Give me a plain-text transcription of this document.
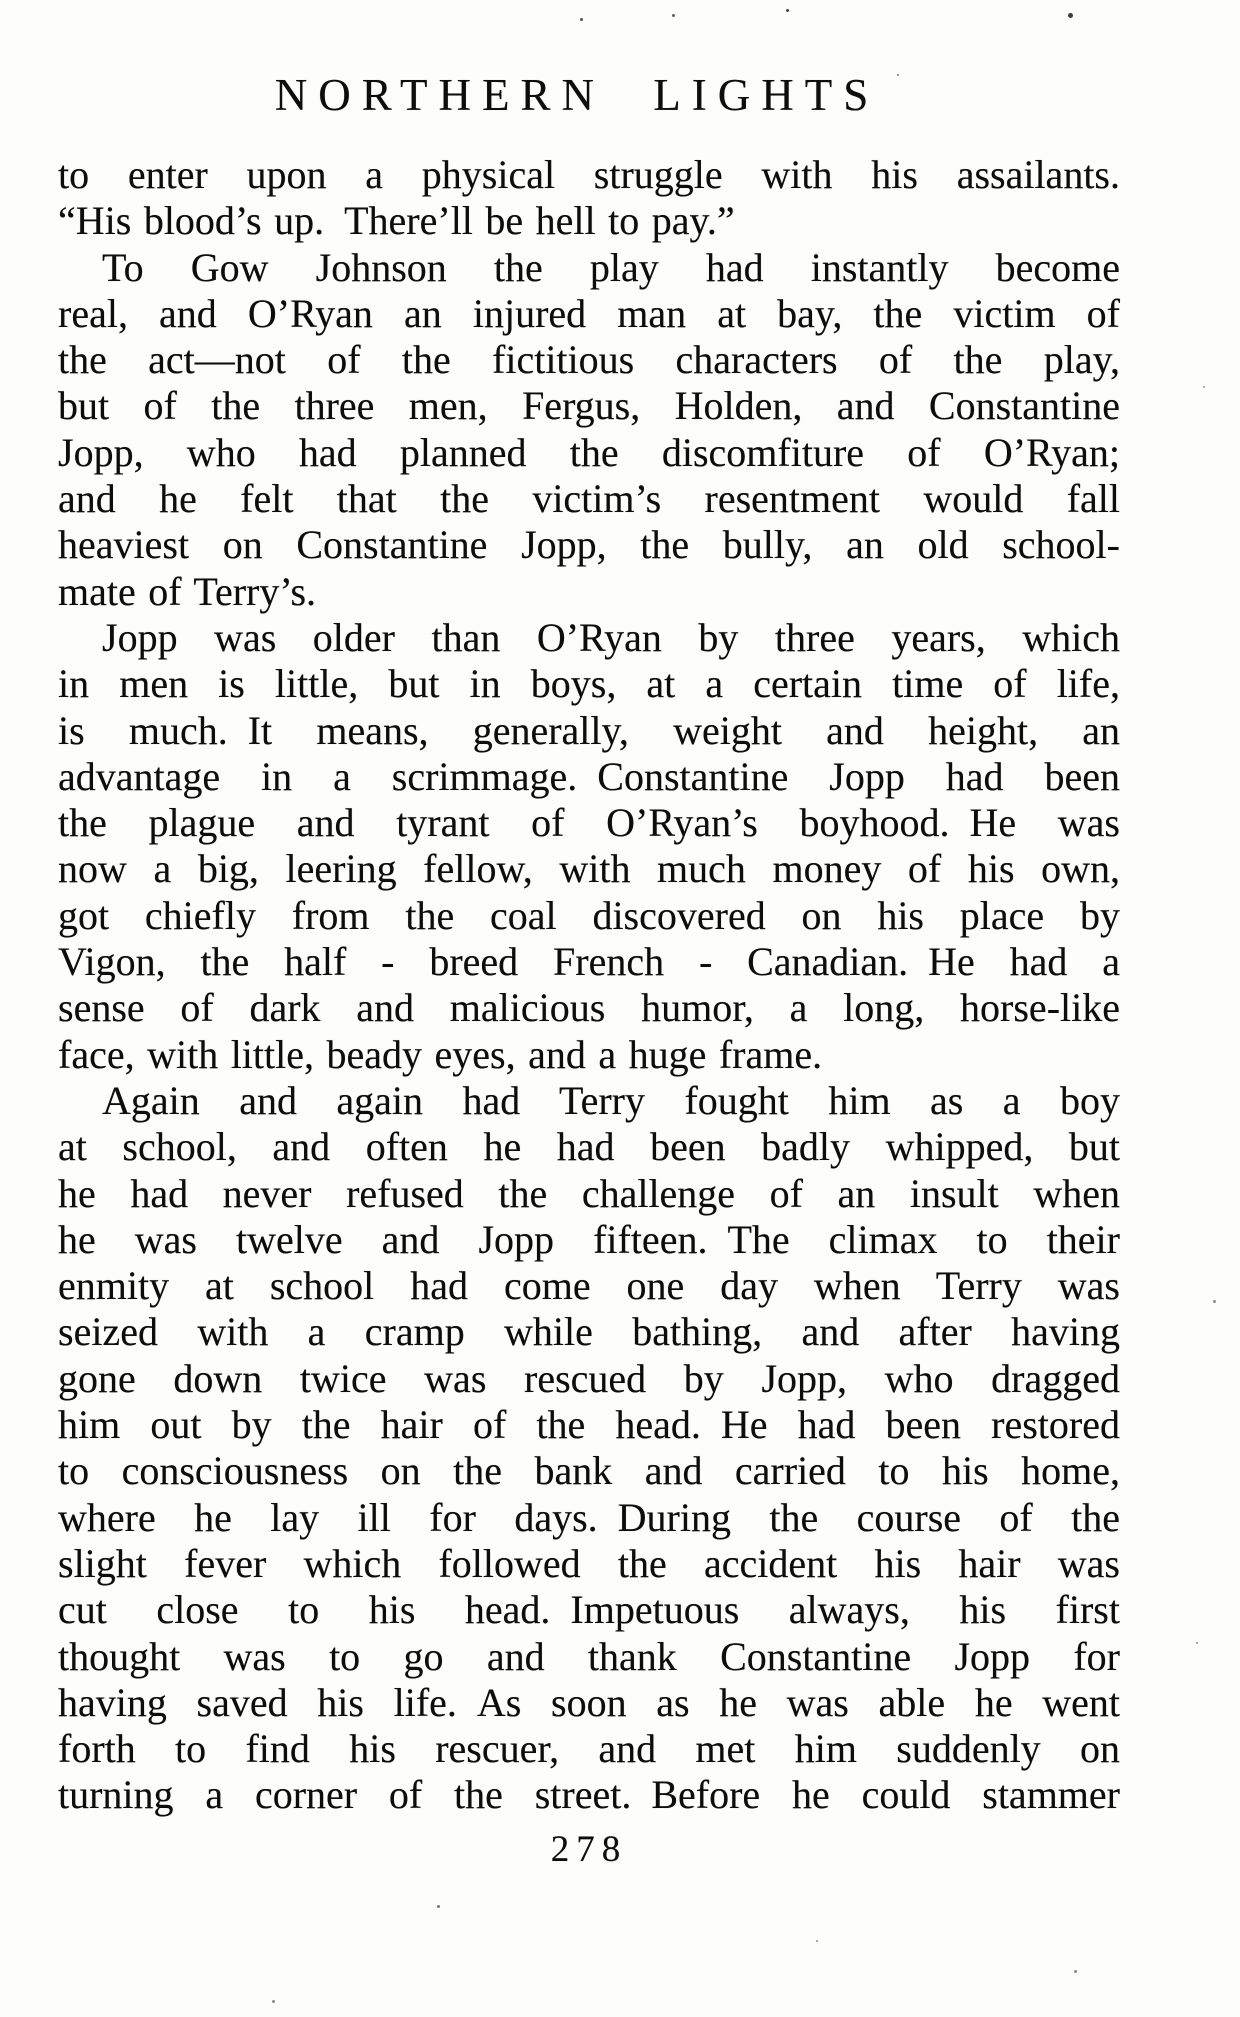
NORTHERN LIGHTS
to enter upon a physical struggle with his assailants.
“His blood’s up. There’ll be hell to pay.”
To Gow Johnson the play had instantly become
real, and O’Ryan an injured man at bay, the victim of
the act—not of the fictitious characters of the play,
but of the three men, Fergus, Holden, and Constantine
Jopp, who had planned the discomfiture of O’Ryan;
and he felt that the victim’s resentment would fall
heaviest on Constantine Jopp, the bully, an old school-
mate of Terry’s.
Jopp was older than O’Ryan by three years, which
in men is little, but in boys, at a certain time of life,
is much. It means, generally, weight and height, an
advantage in a scrimmage. Constantine Jopp had been
the plague and tyrant of O’Ryan’s boyhood. He was
now a big, leering fellow, with much money of his own,
got chiefly from the coal discovered on his place by
Vigon, the half - breed French - Canadian. He had a
sense of dark and malicious humor, a long, horse-like
face, with little, beady eyes, and a huge frame.
Again and again had Terry fought him as a boy
at school, and often he had been badly whipped, but
he had never refused the challenge of an insult when
he was twelve and Jopp fifteen. The climax to their
enmity at school had come one day when Terry was
seized with a cramp while bathing, and after having
gone down twice was rescued by Jopp, who dragged
him out by the hair of the head. He had been restored
to consciousness on the bank and carried to his home,
where he lay ill for days. During the course of the
slight fever which followed the accident his hair was
cut close to his head. Impetuous always, his first
thought was to go and thank Constantine Jopp for
having saved his life. As soon as he was able he went
forth to find his rescuer, and met him suddenly on
turning a corner of the street. Before he could stammer
278
